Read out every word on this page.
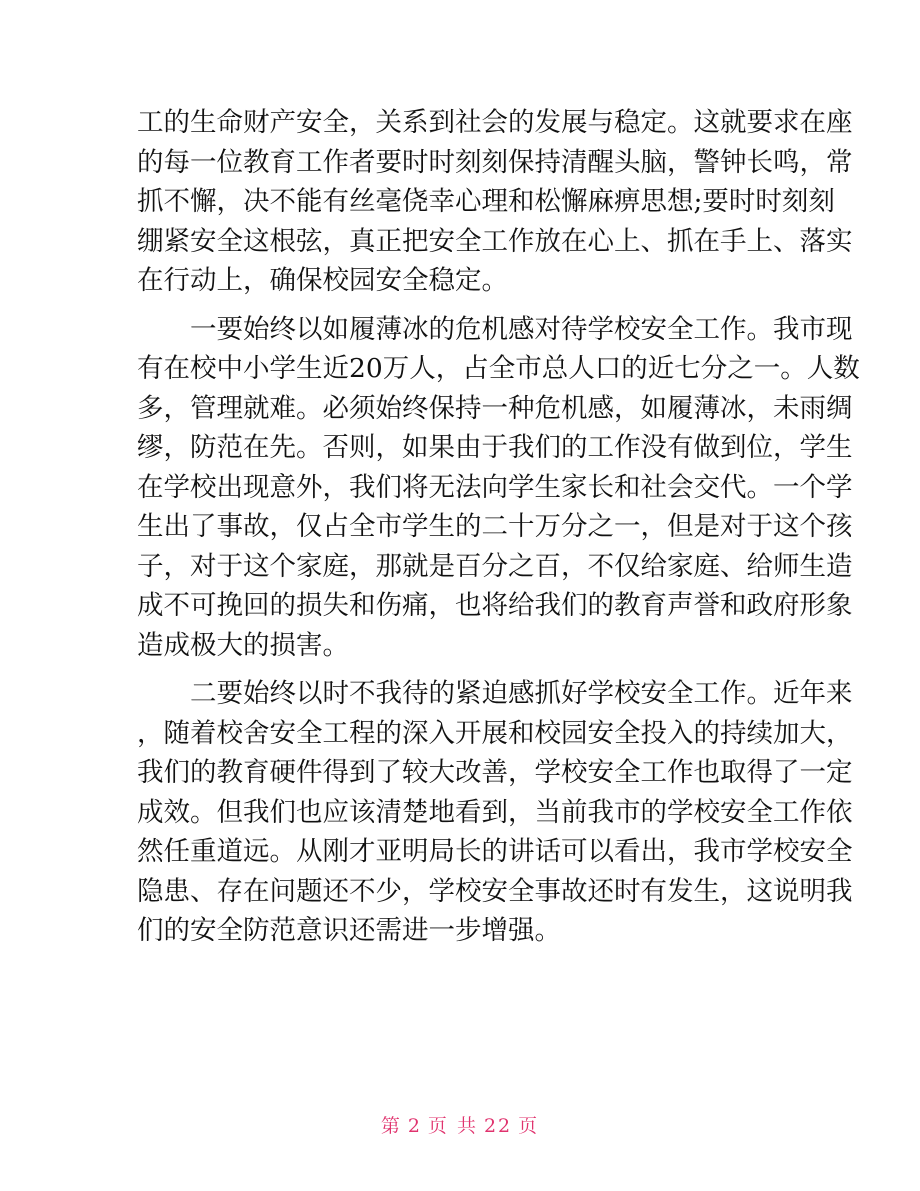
工的生命财产安全，关系到社会的发展与稳定。这就要求在座
的每一位教育工作者要时时刻刻保持清醒头脑，警钟长鸣，常
抓不懈，决不能有丝毫侥幸心理和松懈麻痹思想;要时时刻刻
绷紧安全这根弦，真正把安全工作放在心上、抓在手上、落实
在行动上，确保校园安全稳定。
一要始终以如履薄冰的危机感对待学校安全工作。我市现
有在校中小学生近20万人，占全市总人口的近七分之一。人数
多，管理就难。必须始终保持一种危机感，如履薄冰，未雨绸
缪，防范在先。否则，如果由于我们的工作没有做到位，学生
在学校出现意外，我们将无法向学生家长和社会交代。一个学
生出了事故，仅占全市学生的二十万分之一，但是对于这个孩
子，对于这个家庭，那就是百分之百，不仅给家庭、给师生造
成不可挽回的损失和伤痛，也将给我们的教育声誉和政府形象
造成极大的损害。
二要始终以时不我待的紧迫感抓好学校安全工作。近年来
，随着校舍安全工程的深入开展和校园安全投入的持续加大，
我们的教育硬件得到了较大改善，学校安全工作也取得了一定
成效。但我们也应该清楚地看到，当前我市的学校安全工作依
然任重道远。从刚才亚明局长的讲话可以看出，我市学校安全
隐患、存在问题还不少，学校安全事故还时有发生，这说明我
们的安全防范意识还需进一步增强。
第 2 页 共 22 页
